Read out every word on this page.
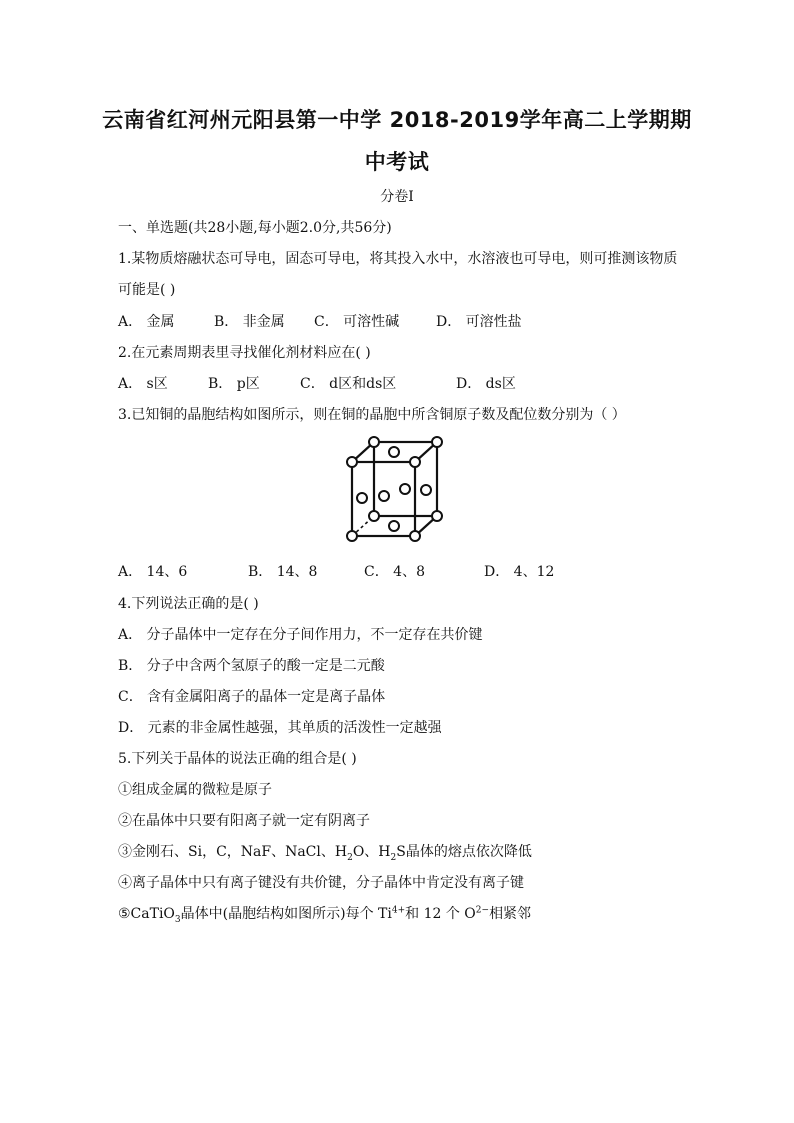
云南省红河州元阳县第一中学 2018-2019学年高二上学期期
中考试
分卷I
一、单选题(共28小题,每小题2.0分,共56分)
1.某物质熔融状态可导电，固态可导电，将其投入水中，水溶液也可导电，则可推测该物质
可能是( )
A． 金属	B． 非金属 C． 可溶性碱	D． 可溶性盐
2.在元素周期表里寻找催化剂材料应在( )
A． s区	B． p区	C． d区和ds区	D． ds区
3.已知铜的晶胞结构如图所示，则在铜的晶胞中所含铜原子数及配位数分别为（ ）
A． 14、6	B． 14、8	C． 4、8	D． 4、12
4.下列说法正确的是( )
A． 分子晶体中一定存在分子间作用力，不一定存在共价键
B． 分子中含两个氢原子的酸一定是二元酸
C． 含有金属阳离子的晶体一定是离子晶体
D． 元素的非金属性越强，其单质的活泼性一定越强
5.下列关于晶体的说法正确的组合是( )
①组成金属的微粒是原子
②在晶体中只要有阳离子就一定有阴离子
③金刚石、Si，C，NaF、NaCl、$H_2O$、$H_2S$晶体的熔点依次降低
④离子晶体中只有离子键没有共价键，分子晶体中肯定没有离子键
⑤CaTiO$_3$晶体中(晶胞结构如图所示)每个 $Ti^{4+}$和 12 个 $O^{2-}$相紧邻
